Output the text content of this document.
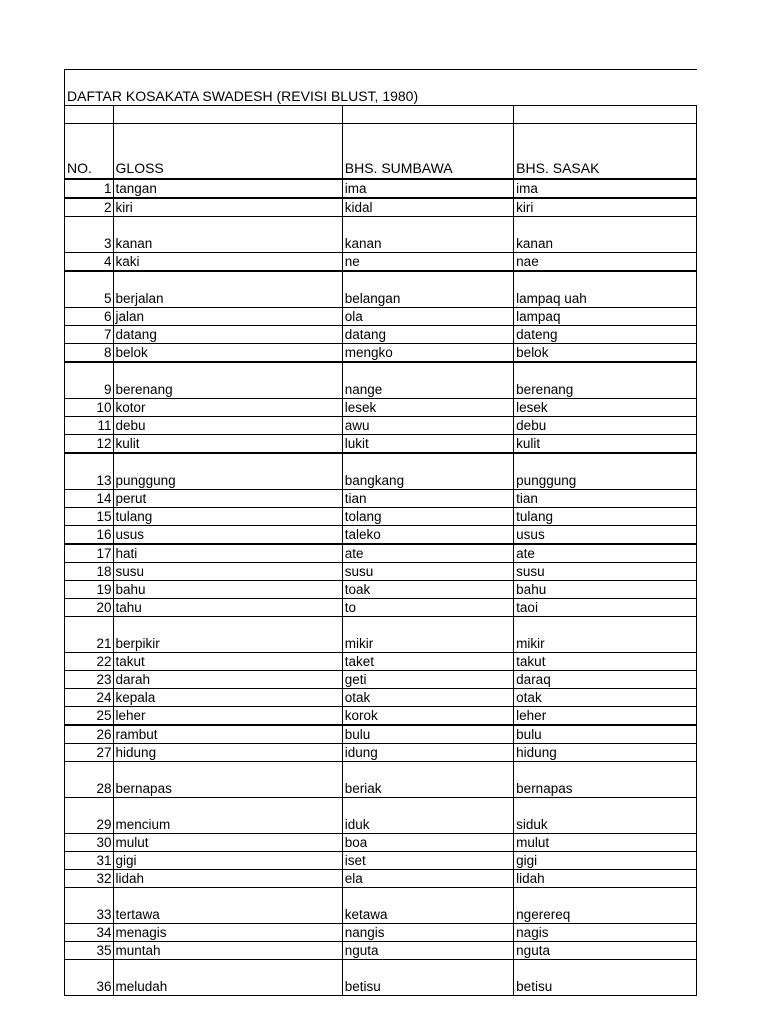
DAFTAR KOSAKATA SWADESH (REVISI BLUST, 1980)			

NO.	GLOSS	BHS. SUMBAWA	BHS. SASAK
1	tangan	ima	ima
2	kiri	kidal	kiri
3	kanan	kanan	kanan
4	kaki	ne	nae
5	berjalan	belangan	lampaq uah
6	jalan	ola	lampaq
7	datang	datang	dateng
8	belok	mengko	belok
9	berenang	nange	berenang
10	kotor	lesek	lesek
11	debu	awu	debu
12	kulit	lukit	kulit
13	punggung	bangkang	punggung
14	perut	tian	tian
15	tulang	tolang	tulang
16	usus	taleko	usus
17	hati	ate	ate
18	susu	susu	susu
19	bahu	toak	bahu
20	tahu	to	taoi
21	berpikir	mikir	mikir
22	takut	taket	takut
23	darah	geti	daraq
24	kepala	otak	otak
25	leher	korok	leher
26	rambut	bulu	bulu
27	hidung	idung	hidung
28	bernapas	beriak	bernapas
29	mencium	iduk	siduk
30	mulut	boa	mulut
31	gigi	iset	gigi
32	lidah	ela	lidah
33	tertawa	ketawa	ngerereq
34	menagis	nangis	nagis
35	muntah	nguta	nguta
36	meludah	betisu	betisu
